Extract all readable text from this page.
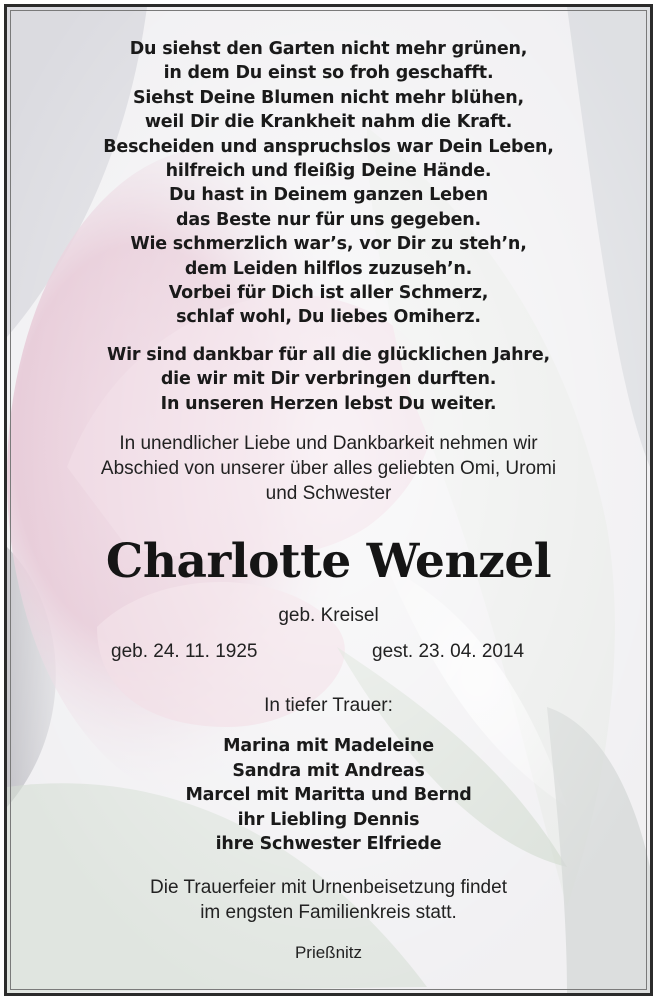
Du siehst den Garten nicht mehr grünen,
in dem Du einst so froh geschafft.
Siehst Deine Blumen nicht mehr blühen,
weil Dir die Krankheit nahm die Kraft.
Bescheiden und anspruchslos war Dein Leben,
hilfreich und fleißig Deine Hände.
Du hast in Deinem ganzen Leben
das Beste nur für uns gegeben.
Wie schmerzlich war’s, vor Dir zu steh’n,
dem Leiden hilflos zuzuseh’n.
Vorbei für Dich ist aller Schmerz,
schlaf wohl, Du liebes Omiherz.
Wir sind dankbar für all die glücklichen Jahre,
die wir mit Dir verbringen durften.
In unseren Herzen lebst Du weiter.
In unendlicher Liebe und Dankbarkeit nehmen wir
Abschied von unserer über alles geliebten Omi, Uromi
und Schwester
Charlotte Wenzel
geb. Kreisel
geb. 24. 11. 1925	gest. 23. 04. 2014
In tiefer Trauer:
Marina mit Madeleine
Sandra mit Andreas
Marcel mit Maritta und Bernd
ihr Liebling Dennis
ihre Schwester Elfriede
Die Trauerfeier mit Urnenbeisetzung findet
im engsten Familienkreis statt.
Prießnitz
